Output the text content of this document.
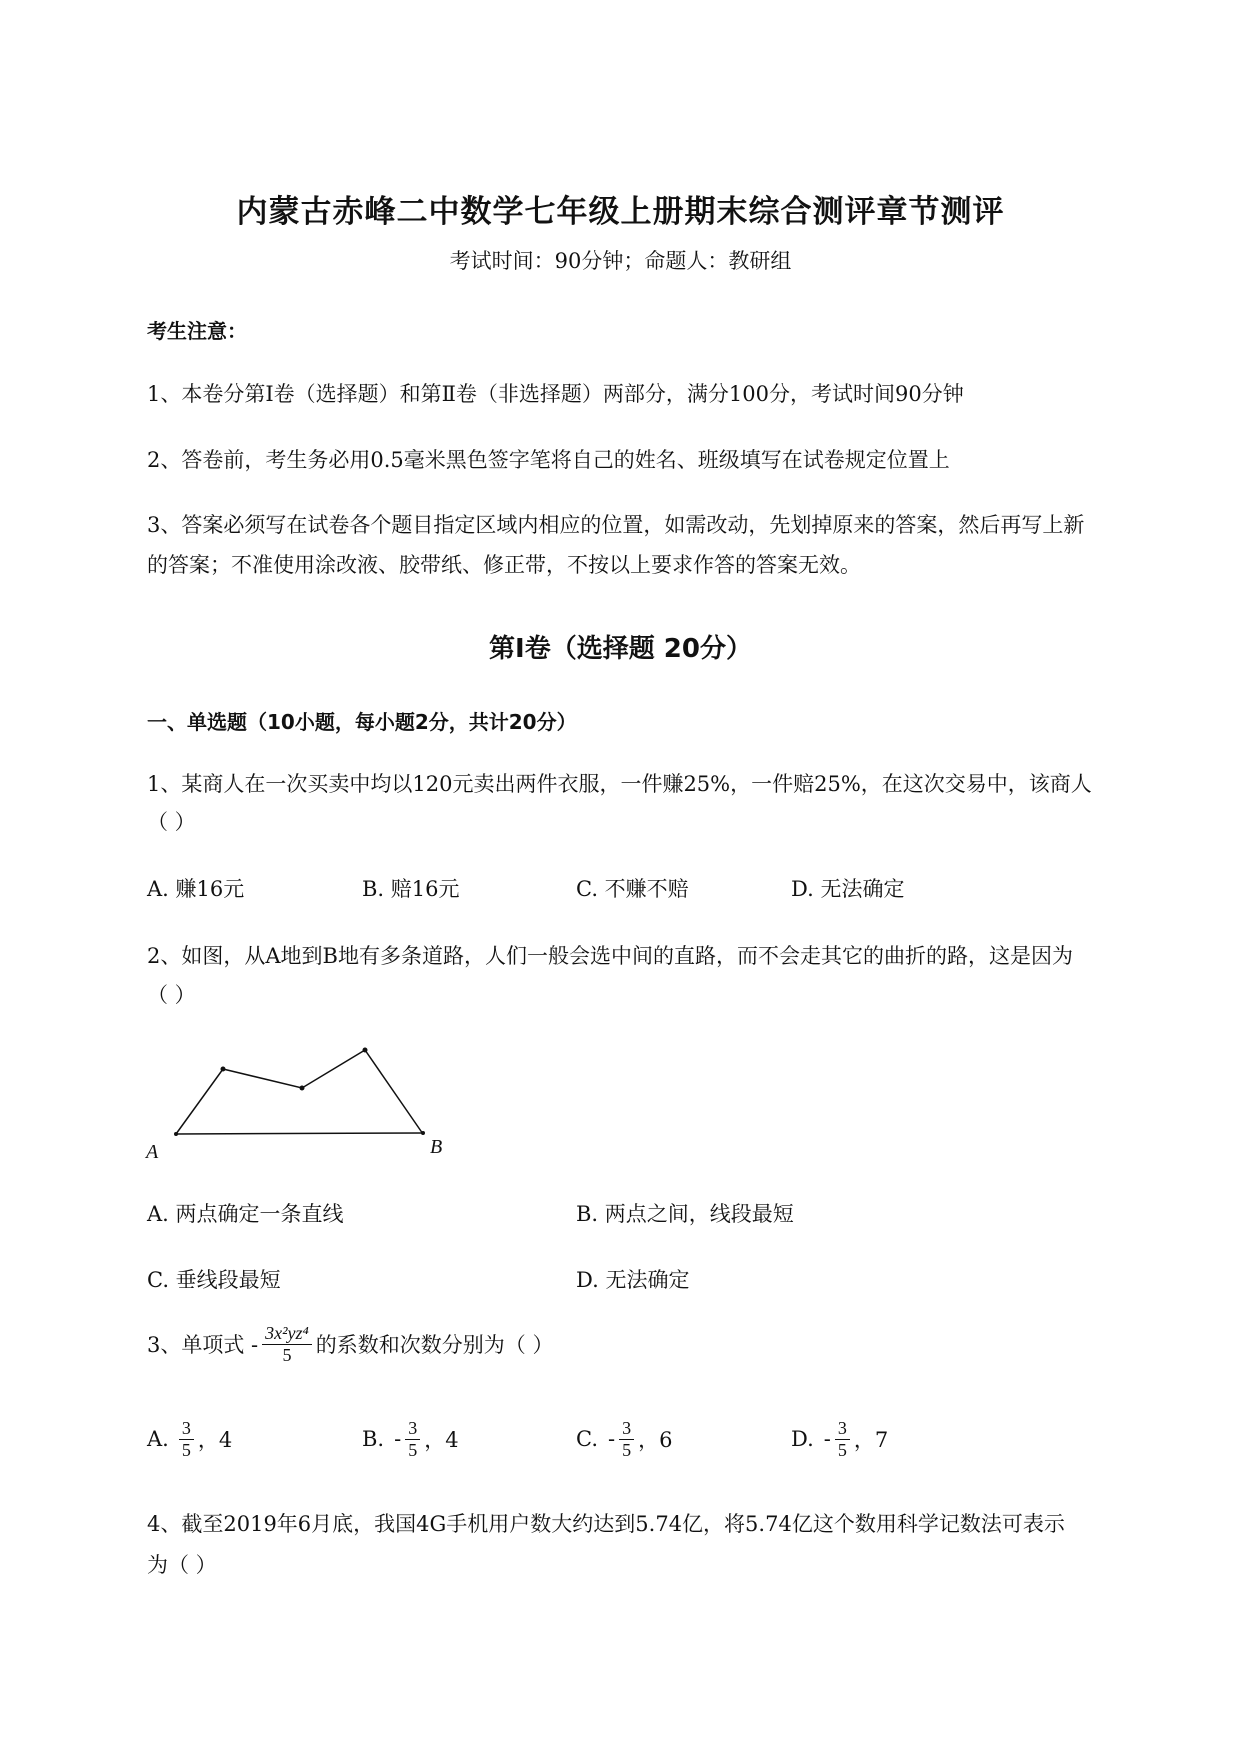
内蒙古赤峰二中数学七年级上册期末综合测评章节测评
考试时间：90分钟；命题人：教研组
考生注意：
1、本卷分第Ⅰ卷（选择题）和第Ⅱ卷（非选择题）两部分，满分100分，考试时间90分钟
2、答卷前，考生务必用0.5毫米黑色签字笔将自己的姓名、班级填写在试卷规定位置上
3、答案必须写在试卷各个题目指定区域内相应的位置，如需改动，先划掉原来的答案，然后再写上新
的答案；不准使用涂改液、胶带纸、修正带，不按以上要求作答的答案无效。
第Ⅰ卷（选择题 20分）
一、单选题（10小题，每小题2分，共计20分）
1、某商人在一次买卖中均以120元卖出两件衣服，一件赚25%，一件赔25%，在这次交易中，该商人
（ ）
A. 赚16元	B. 赔16元	C. 不赚不赔	D. 无法确定
2、如图，从A地到B地有多条道路，人们一般会选中间的直路，而不会走其它的曲折的路，这是因为
（ ）
A	B
A. 两点确定一条直线	B. 两点之间，线段最短
C. 垂线段最短	D. 无法确定
3、单项式 - $\frac{\text{3x²yz⁴}}{5}$ 的系数和次数分别为（ ）
A. $\frac{3}{5}$ ，4	B. - $\frac{3}{5}$ ，4	C. - $\frac{3}{5}$ ，6	D. - $\frac{3}{5}$ ，7
4、截至2019年6月底，我国4G手机用户数大约达到5.74亿，将5.74亿这个数用科学记数法可表示
为（ ）
